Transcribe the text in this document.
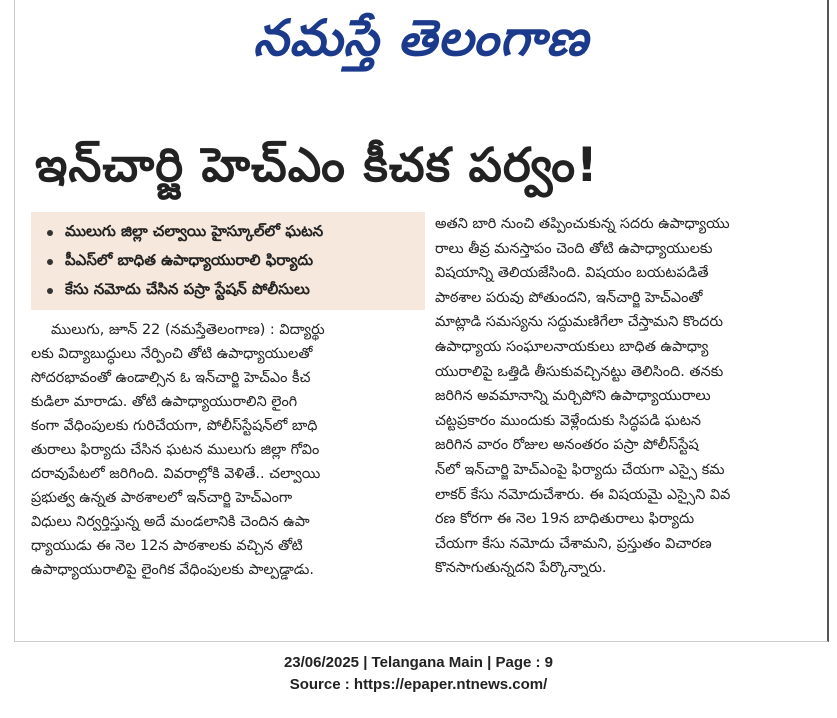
నమస్తే తెలంగాణ
ఇన్‌చార్జి హెచ్‌ఎం కీచక పర్వం!
ములుగు జిల్లా చల్వాయి హైస్కూల్‌లో ఘటన
పీఎస్‌లో బాధిత ఉపాధ్యాయురాలి ఫిర్యాదు
కేసు నమోదు చేసిన పస్రా స్టేషన్ పోలీసులు
ములుగు, జూన్ 22 (నమస్తేతెలంగాణ) : విద్యార్థు
లకు విద్యాబుద్ధులు నేర్పించి తోటి ఉపాధ్యాయులతో
సోదరభావంతో ఉండాల్సిన ఓ ఇన్‌చార్జి హెచ్‌ఎం కీచ
కుడిలా మారాడు. తోటి ఉపాధ్యాయురాలిని లైంగి
కంగా వేధింపులకు గురిచేయగా, పోలీస్‌స్టేషన్‌లో బాధి
తురాలు ఫిర్యాదు చేసిన ఘటన ములుగు జిల్లా గోవిం
దరావుపేటలో జరిగింది. వివరాల్లోకి వెళితే.. చల్వాయి
ప్రభుత్వ ఉన్నత పాఠశాలలో ఇన్‌చార్జి హెచ్‌ఎంగా
విధులు నిర్వర్తిస్తున్న అదే మండలానికి చెందిన ఉపా
ధ్యాయుడు ఈ నెల 12న పాఠశాలకు వచ్చిన తోటి
ఉపాధ్యాయురాలిపై లైంగిక వేధింపులకు పాల్పడ్డాడు.
అతని బారి నుంచి తప్పించుకున్న సదరు ఉపాధ్యాయు
రాలు తీవ్ర మనస్తాపం చెంది తోటి ఉపాధ్యాయులకు
విషయాన్ని తెలియజేసింది. విషయం బయటపడితే
పాఠశాల పరువు పోతుందని, ఇన్‌చార్జి హెచ్‌ఎంతో
మాట్లాడి సమస్యను సద్దుమణిగేలా చేస్తామని కొందరు
ఉపాధ్యాయ సంఘాలనాయకులు బాధిత ఉపాధ్యా
యురాలిపై ఒత్తిడి తీసుకువచ్చినట్టు తెలిసింది. తనకు
జరిగిన అవమానాన్ని మర్చిపోని ఉపాధ్యాయురాలు
చట్టప్రకారం ముందుకు వెళ్లేందుకు సిద్ధపడి ఘటన
జరిగిన వారం రోజుల అనంతరం పస్రా పోలీస్‌స్టేష
న్‌లో ఇన్‌చార్జి హెచ్‌ఎంపై ఫిర్యాదు చేయగా ఎస్సై కమ
లాకర్ కేసు నమోదుచేశారు. ఈ విషయమై ఎస్సైని వివ
రణ కోరగా ఈ నెల 19న బాధితురాలు ఫిర్యాదు
చేయగా కేసు నమోదు చేశామని, ప్రస్తుతం విచారణ
కొనసాగుతున్నదని పేర్కొన్నారు.
23/06/2025 | Telangana Main | Page : 9
Source : https://epaper.ntnews.com/
